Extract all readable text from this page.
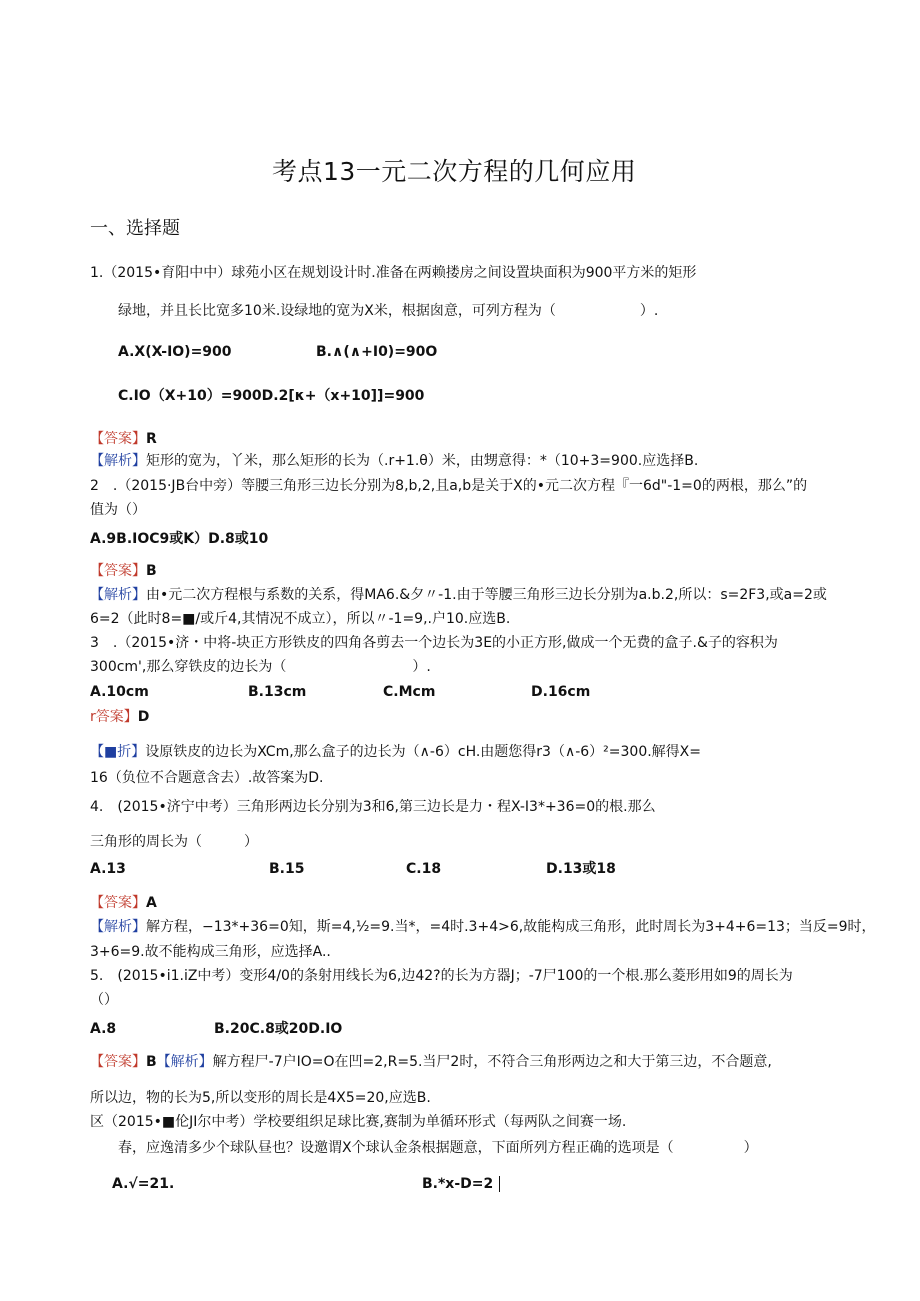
考点13一元二次方程的几何应用
一、选择题
1.（2015•育阳中中）球苑小区在规划设计时.准备在两赖搂房之间设置块面积为900平方米的矩形
绿地，并且长比宽多10米.设绿地的宽为X米，根据囱意，可列方程为（　　　　　　）.
A.X(X-IO)=900	B.∧(∧+I0)=90O
C.IO（X+10）=900D.2[κ+（x+10]]=900
【答案】R
【解析】矩形的宽为，丫米，那么矩形的长为（.r+1.θ）米，由甥意得：*（10+3=900.应选择B.
2　.（2015·JB台中旁）等腰三角形三边长分别为8,b,2,且a,b是关于X的•元二次方程『一6d"-1=0的两根，那么”的
值为（）
A.9B.IOC9或K）D.8或10
【答案】B
【解析】由•元二次方程根与系数的关系，得MA6.&夕〃-1.由于等腰三角形三边长分别为a.b.2,所以：s=2F3,或a=2或
6=2（此时8=■/或斤4,其情况不成立），所以〃-1=9,.户10.应选B.
3　.（2015•济・中将-块正方形铁皮的四角各剪去一个边长为3E的小正方形,做成一个无费的盒子.&子的容积为
300cm',那么穿铁皮的边长为（　　　　　　　　　）.
A.10cm	B.13cm	C.Mcm	D.16cm
r答案】D
【■折】设原铁皮的边长为XCm,那么盒子的边长为（∧-6）cH.由题您得r3（∧-6）²=300.解得X=
16（负位不合题意含去）.故答案为D.
4.　(2015•济宁中考）三角形两边长分别为3和6,第三边长是力・程X-I3*+36=0的根.那么
三角形的周长为（　　　）
A.13	B.15	C.18	D.13或18
【答案】A
【解析】解方程，−13*+36=0知，斯=4,½=9.当*，=4时.3+4>6,故能构成三角形，此时周长为3+4+6=13；当反=9时，
3+6=9.故不能构成三角形，应选择A..
5.　(2015•i1.iZ中考）变形4/0的条射用线长为6,边42?的长为方器J；-7尸100的一个根.那么菱形用如9的周长为
（）
A.8	B.20C.8或20D.IO
【答案】B【解析】解方程尸-7户IO=O在凹=2,R=5.当尸2时，不符合三角形两边之和大于第三边，不合题意,
所以边，物的长为5,所以变形的周长是4X5=20,应选B.
区（2015•■伦JI尔中考）学校要组织足球比赛,赛制为单循环形式（每两队之间赛一场.
春，应逸清多少个球队昼也？设邀谓X个球认金条根据题意，下面所列方程正确的选项是（　　　　　）
A.√=21.	B.*x-D=2
